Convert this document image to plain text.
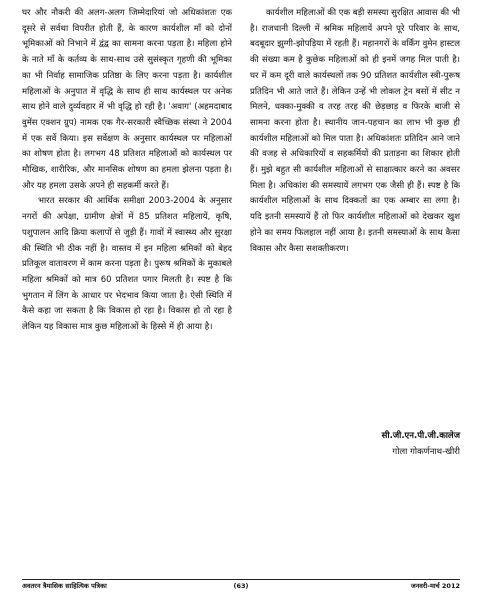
घर और नौकरी की अलग-अलग जिम्मेदारियां जो अधिकांशतः एक दूसरे से सर्वथा विपरीत होती हैं, के कारण कार्यशील माँ को दोनों भूमिकाओं को निभाने में द्वंद्व का सामना करना पड़ता है। महिला होने के नाते माँ के कर्तव्य के साथ-साथ उसे सुसंस्कृत गृहणी की भूमिका का भी निर्वाह सामाजिक प्रतिष्ठा के लिए करना पड़ता है। कार्यशील महिलाओं के अनुपात में वृद्धि के साथ ही साथ कार्यस्थल पर अनेक साथ होने वाले दुर्व्यवहार में भी वृद्धि हो रही है। 'अवाग' (अहमदाबाद वुमेंस एक्शन ग्रुप) नामक एक गैर-सरकारी स्वैच्छिक संस्था ने 2004 में एक सर्वे किया। इस सर्वेक्षण के अनुसार कार्यस्थल पर महिलाओं का शोषण होता है। लगभग 48 प्रतिशत महिलाओं को कार्यस्थल पर मौखिक, शारीरिक, और मानसिक शोषण का हमला झेलना पड़ता है। और यह हमला उसके अपने ही सहकर्मी करते हैं।

भारत सरकार की आर्थिक समीक्षा 2003-2004 के अनुसार नगरों की अपेक्षा, ग्रामीण क्षेत्रों में 85 प्रतिशत महिलायें, कृषि, पशुपालन आदि क्रिया कलापों से जुड़ी हैं। गावों में स्वास्थ्य और सुरक्षा की स्थिति भी ठीक नहीं है। वास्तव में इन महिला श्रमिकों को बेहद प्रतिकूल वातावरण में काम करना पड़ता है। पुरूष श्रमिकों के मुकाबले महिला श्रमिकों को मात्र 60 प्रतिशत पगार मिलती है। स्पष्ट है कि भुगतान में लिंग के आधार पर भेदभाव किया जाता है। ऐसी स्थिति में कैसे कहा जा सकता है कि विकास हो रहा है। विकास हो तो रहा है लेकिन यह विकास मात्र कुछ महिलाओं के हिस्से में ही आया है।

कार्यशील महिलाओं की एक बड़ी समस्या सुरक्षित आवास की भी है। राजधानी दिल्ली में श्रमिक महिलायें अपने पूरे परिवार के साथ, बदबूदार झुग्गी-झोपड़िया में रहती हैं। महानगरों के वर्किंग वुमेन हास्टल की संख्या कम है कुछेक महिलाओं को ही इनमें जगह मिल पाती है। घर में कम दूरी वाले कार्यस्थलों तक 90 प्रतिशत कार्यशील स्त्री-पुरूष प्रतिदिन भी आते जाते हैं। लेकिन उन्हें भी लोकल ट्रेन बसों में सीट न मिलने, धक्का-मुक्की व तरह तरह की छेड़छाड़ व फिरके बाजी से सामना करना होता है। स्थानीय जान-पहचान का लाभ भी कुछ ही कार्यशील महिलाओं को मिल पाता है। अधिकांशतः प्रतिदिन आने जाने की वजह से अधिकारियों व सहकर्मियों की प्रताड़ना का शिकार होती हैं। मुझे बहुत सी कार्यशील महिलाओं से साक्षात्कार करने का अवसर मिला है। अधिकांश की समस्यायें लगभग एक जैसी ही हैं। स्पष्ट है कि कार्यशील महिलाओं के साथ दिक्कतों का एक अम्बार सा लगा है। यदि इतनी समस्यायें हैं तो फिर कार्यशील महिलाओं को देखकर खुश होने का समय फिलहाल नहीं आया है। इतनी समस्याओं के साथ कैसा विकास और कैसा सशक्तीकरण।

सी.जी.एन.पी.जी.कालेज
गोला गोकर्णनाथ-खीरी
अवतरन त्रैमासिक साहित्यिक पत्रिका	(63)	जनवरी-मार्च 2012
